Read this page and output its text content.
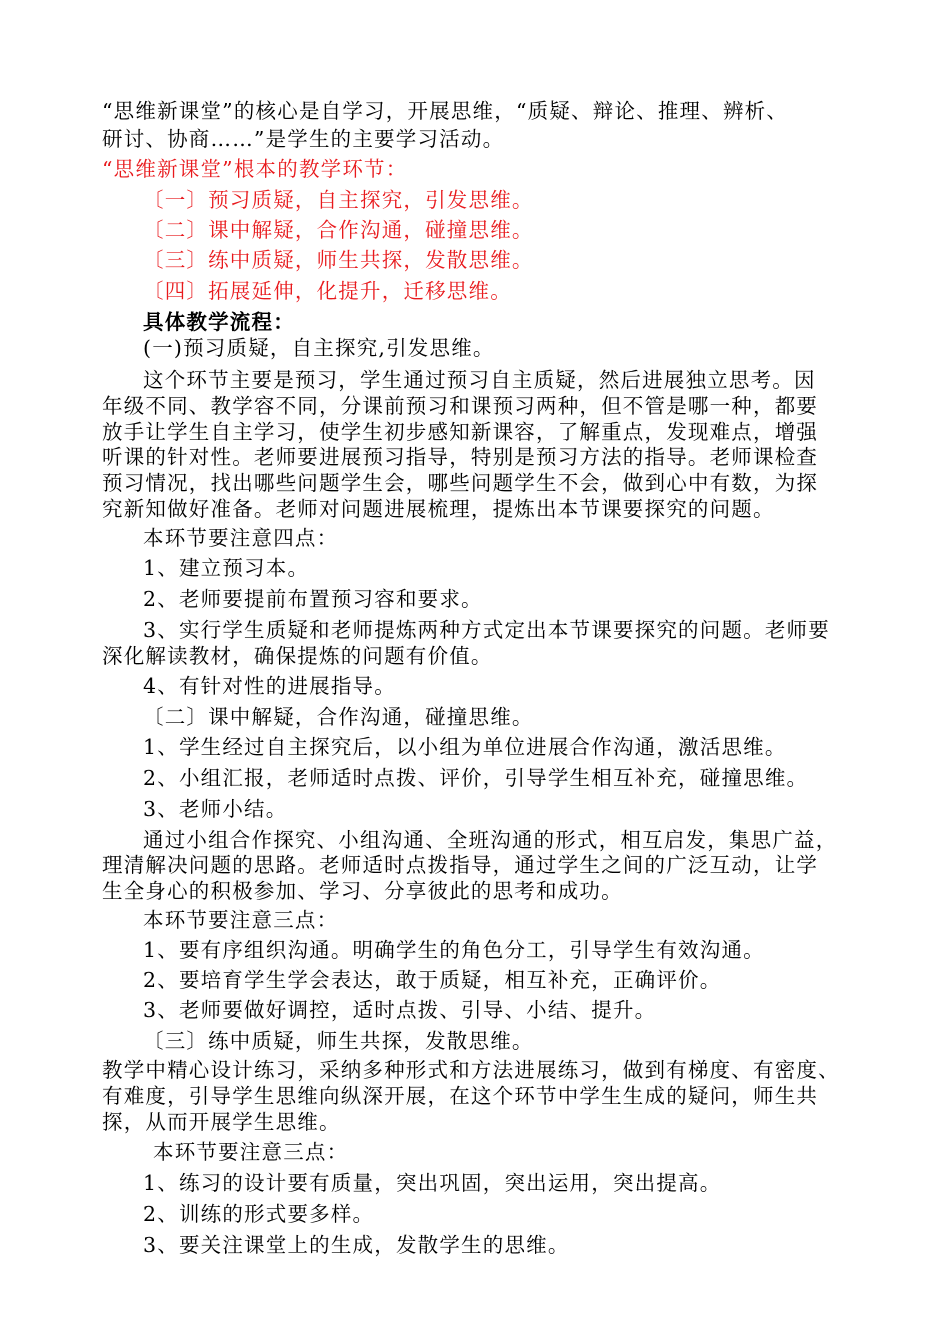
“思维新课堂”的核心是自学习，开展思维，“质疑、辩论、推理、辨析、
研讨、协商……”是学生的主要学习活动。
“思维新课堂”根本的教学环节：
〔一〕预习质疑，自主探究，引发思维。
〔二〕课中解疑，合作沟通，碰撞思维。
〔三〕练中质疑，师生共探，发散思维。
〔四〕拓展延伸，化提升，迁移思维。
具体教学流程：
(一)预习质疑，自主探究,引发思维。
这个环节主要是预习，学生通过预习自主质疑，然后进展独立思考。因
年级不同、教学容不同，分课前预习和课预习两种，但不管是哪一种，都要
放手让学生自主学习，使学生初步感知新课容，了解重点，发现难点，增强
听课的针对性。老师要进展预习指导，特别是预习方法的指导。老师课检查
预习情况，找出哪些问题学生会，哪些问题学生不会，做到心中有数，为探
究新知做好准备。老师对问题进展梳理，提炼出本节课要探究的问题。
本环节要注意四点：
1、建立预习本。
2、老师要提前布置预习容和要求。
3、实行学生质疑和老师提炼两种方式定出本节课要探究的问题。老师要
深化解读教材，确保提炼的问题有价值。
4、有针对性的进展指导。
〔二〕课中解疑，合作沟通，碰撞思维。
1、学生经过自主探究后，以小组为单位进展合作沟通，激活思维。
2、小组汇报，老师适时点拨、评价，引导学生相互补充，碰撞思维。
3、老师小结。
通过小组合作探究、小组沟通、全班沟通的形式，相互启发，集思广益，
理清解决问题的思路。老师适时点拨指导，通过学生之间的广泛互动，让学
生全身心的积极参加、学习、分享彼此的思考和成功。
本环节要注意三点：
1、要有序组织沟通。明确学生的角色分工，引导学生有效沟通。
2、要培育学生学会表达，敢于质疑，相互补充，正确评价。
3、老师要做好调控，适时点拨、引导、小结、提升。
〔三〕练中质疑，师生共探，发散思维。
教学中精心设计练习，采纳多种形式和方法进展练习，做到有梯度、有密度、
有难度，引导学生思维向纵深开展，在这个环节中学生生成的疑问，师生共
探，从而开展学生思维。
本环节要注意三点：
1、练习的设计要有质量，突出巩固，突出运用，突出提高。
2、训练的形式要多样。
3、要关注课堂上的生成，发散学生的思维。
